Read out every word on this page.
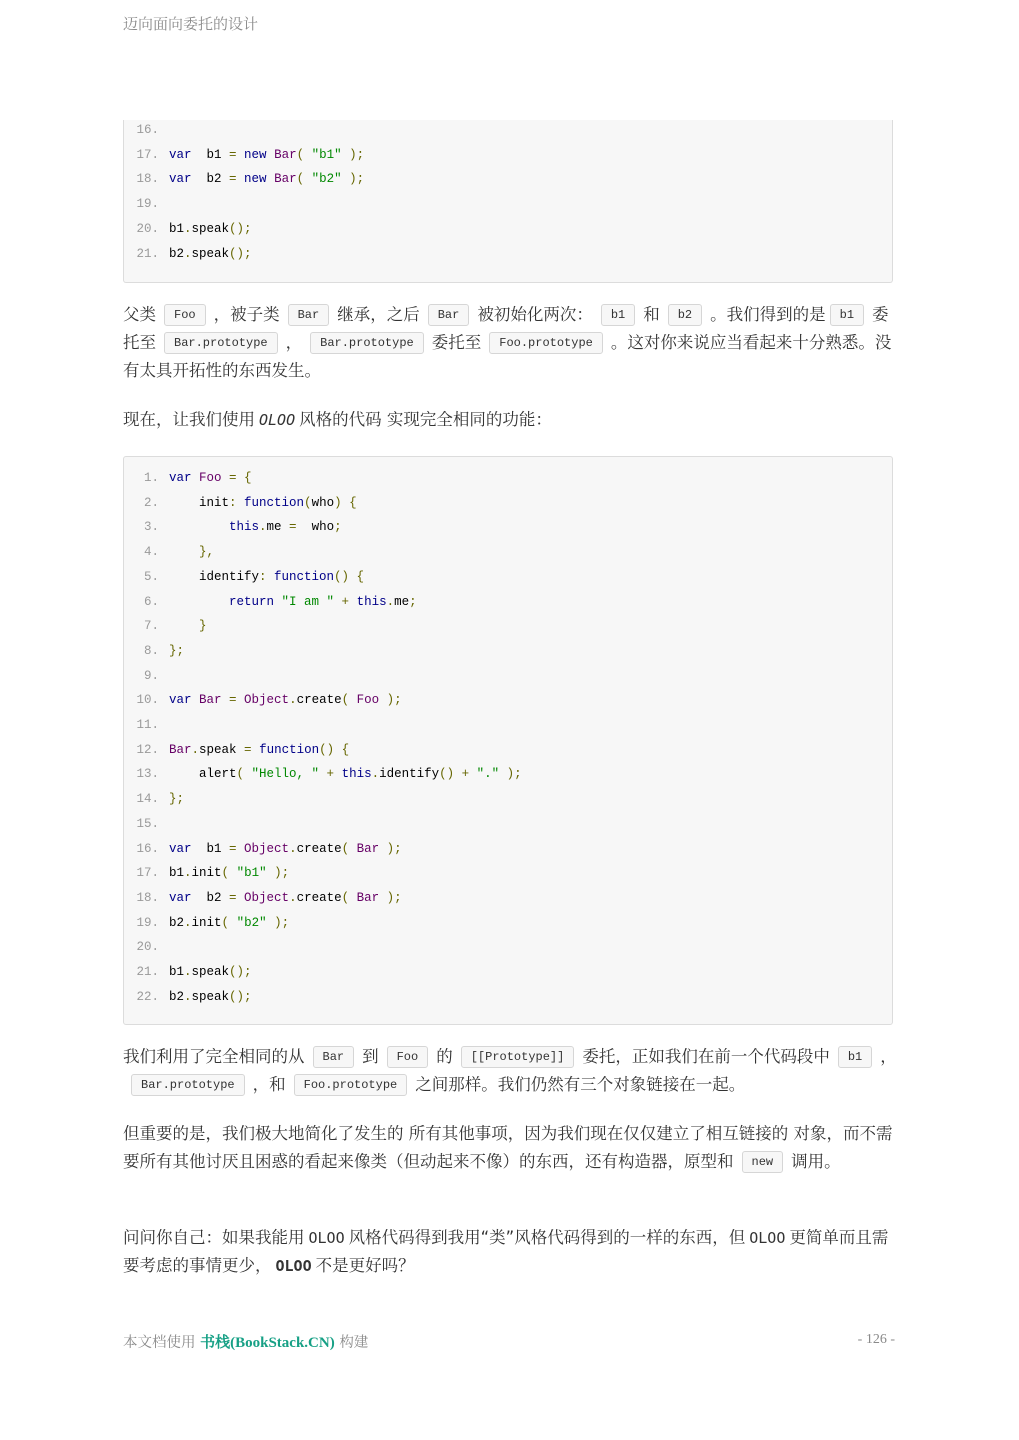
迈向面向委托的设计
16.
17. var  b1 = new Bar( "b1" );
18. var  b2 = new Bar( "b2" );
19.
20. b1.speak();
21. b2.speak();

父类 Foo ，被子类 Bar 继承，之后 Bar 被初始化两次： b1 和 b2 。我们得到的是 b1 委托至 Bar.prototype ， Bar.prototype 委托至 Foo.prototype 。这对你来说应当看起来十分熟悉。没有太具开拓性的东西发生。

现在，让我们使用 OLOO 风格的代码 实现完全相同的功能：

1. var Foo = {
2. init: function(who) {
3. this.me =  who;
4. },
5. identify: function() {
6. return "I am " + this.me;
7. }
8. };
9.
10. var Bar = Object.create( Foo );
11.
12. Bar.speak = function() {
13. alert( "Hello, " + this.identify() + "." );
14. };
15.
16. var  b1 = Object.create( Bar );
17. b1.init( "b1" );
18. var  b2 = Object.create( Bar );
19. b2.init( "b2" );
20.
21. b1.speak();
22. b2.speak();

我们利用了完全相同的从 Bar 到 Foo 的 [[Prototype]] 委托，正如我们在前一个代码段中 b1 ，Bar.prototype ，和 Foo.prototype 之间那样。我们仍然有三个对象链接在一起。

但重要的是，我们极大地简化了发生的 所有其他事项，因为我们现在仅仅建立了相互链接的 对象，而不需要所有其他讨厌且困惑的看起来像类（但动起来不像）的东西，还有构造器，原型和 new 调用。

问问你自己：如果我能用 OLOO 风格代码得到我用“类”风格代码得到的一样的东西，但 OLOO 更简单而且需要考虑的事情更少， OLOO 不是更好吗？

本文档使用 书栈(BookStack.CN) 构建	- 126 -
